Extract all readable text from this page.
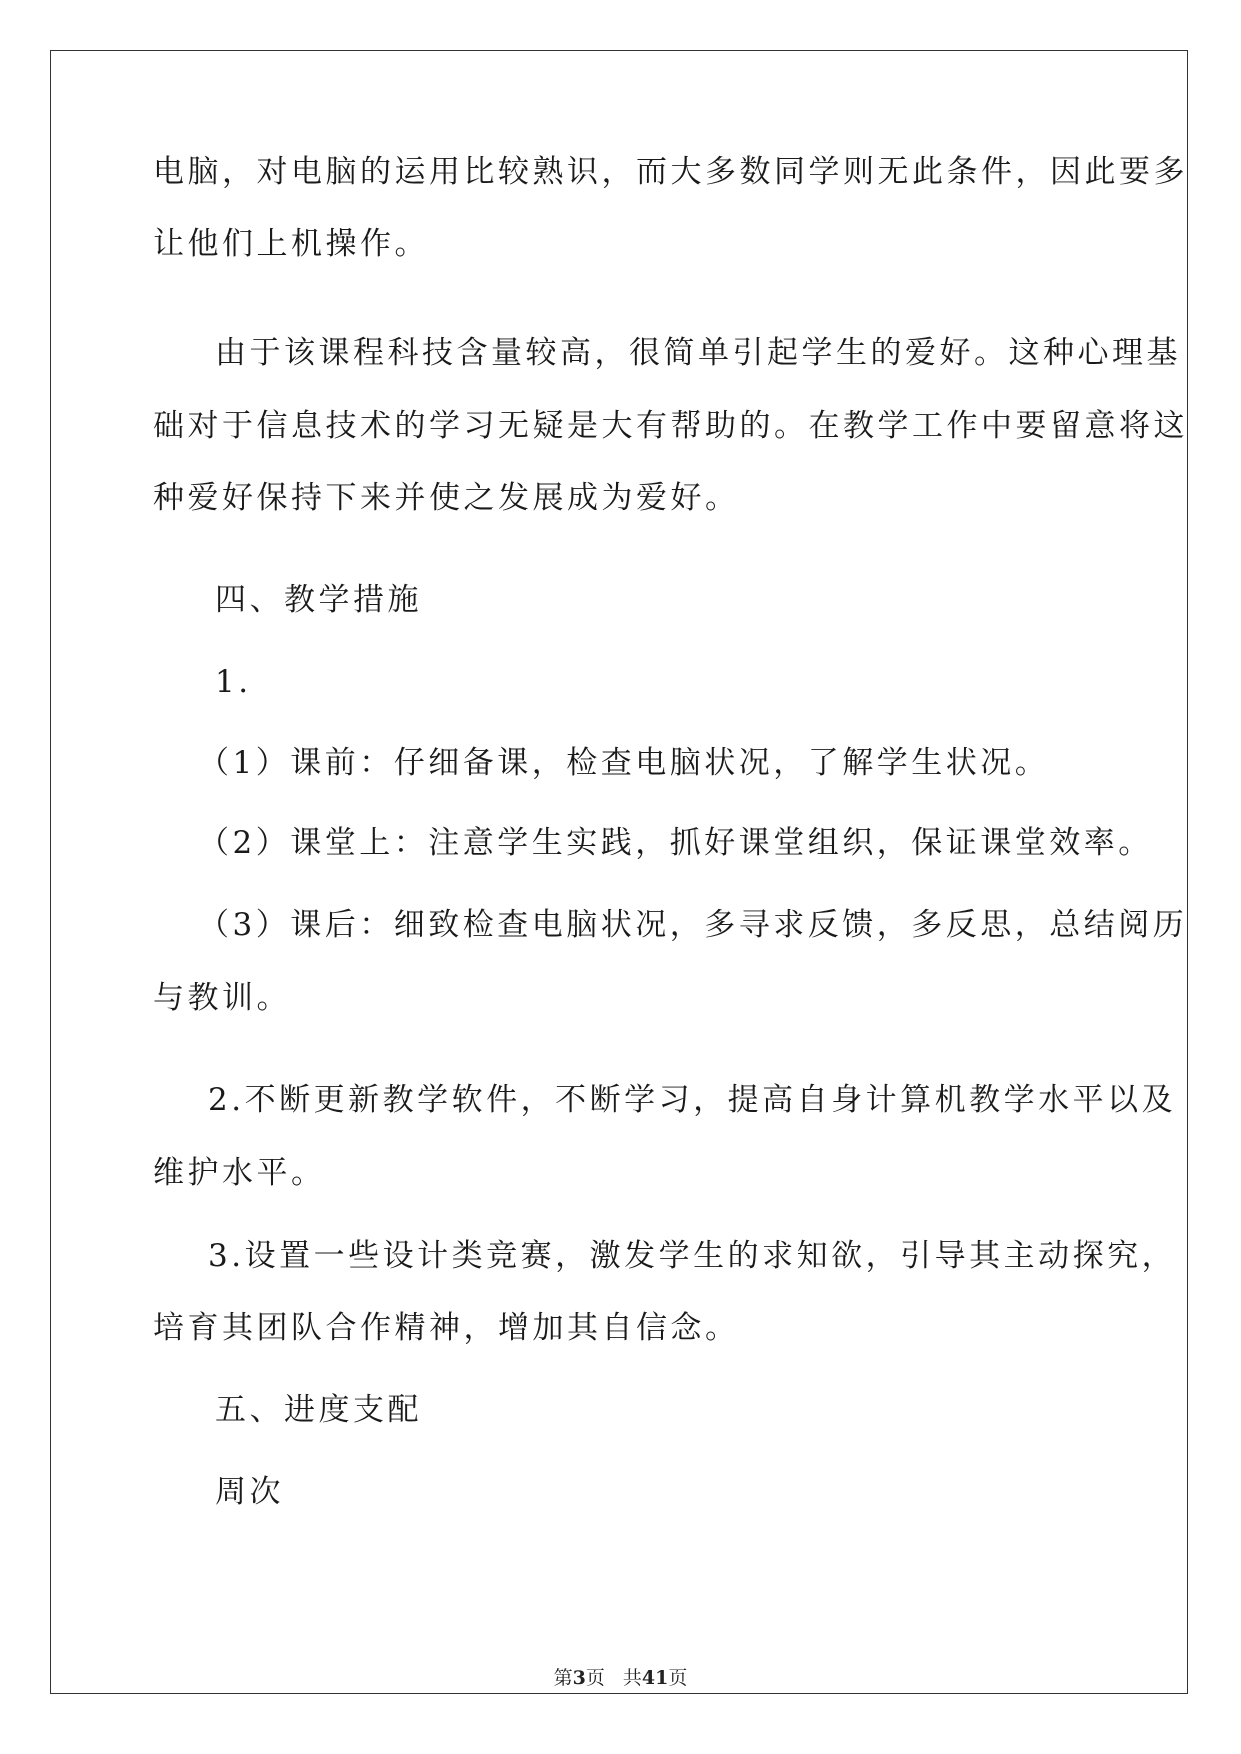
电脑，对电脑的运用比较熟识，而大多数同学则无此条件，因此要多
让他们上机操作。
由于该课程科技含量较高，很简单引起学生的爱好。这种心理基
础对于信息技术的学习无疑是大有帮助的。在教学工作中要留意将这
种爱好保持下来并使之发展成为爱好。
四、教学措施
1.
（1）课前：仔细备课，检查电脑状况，了解学生状况。
（2）课堂上：注意学生实践，抓好课堂组织，保证课堂效率。
（3）课后：细致检查电脑状况，多寻求反馈，多反思，总结阅历
与教训。
2.不断更新教学软件，不断学习，提高自身计算机教学水平以及
维护水平。
3.设置一些设计类竞赛，激发学生的求知欲，引导其主动探究，
培育其团队合作精神，增加其自信念。
五、进度支配
周次
第3页 共41页
